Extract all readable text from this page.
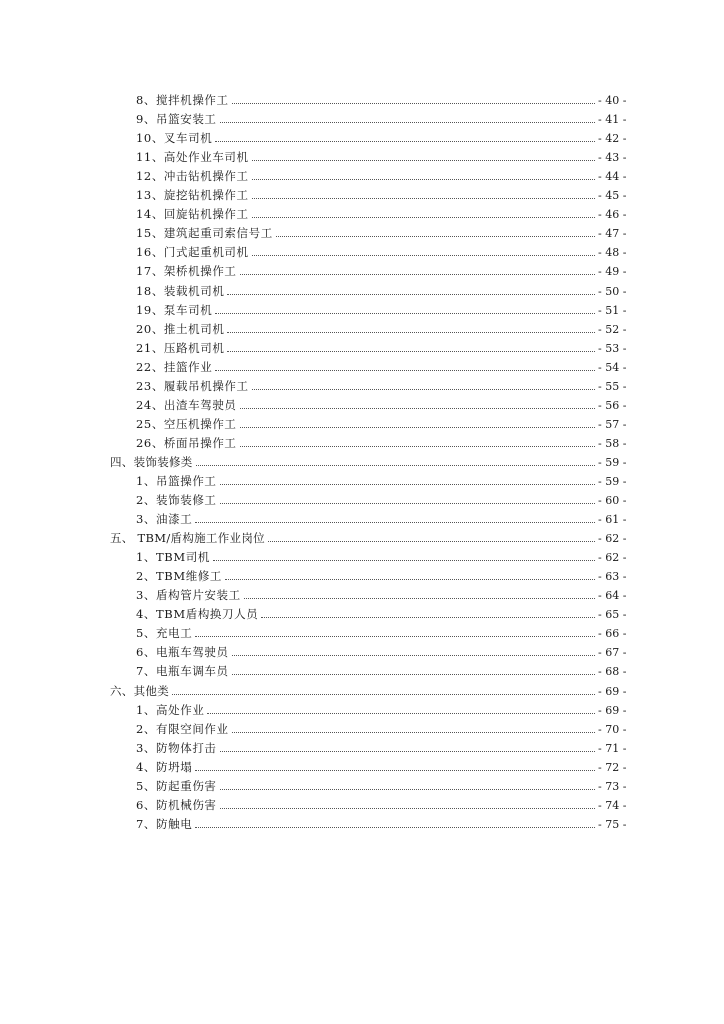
8、搅拌机操作工	- 40 -
9、吊篮安装工	- 41 -
10、叉车司机	- 42 -
11、高处作业车司机	- 43 -
12、冲击钻机操作工	- 44 -
13、旋挖钻机操作工	- 45 -
14、回旋钻机操作工	- 46 -
15、建筑起重司索信号工	- 47 -
16、门式起重机司机	- 48 -
17、架桥机操作工	- 49 -
18、装载机司机	- 50 -
19、泵车司机	- 51 -
20、推土机司机	- 52 -
21、压路机司机	- 53 -
22、挂篮作业	- 54 -
23、履载吊机操作工	- 55 -
24、出渣车驾驶员	- 56 -
25、空压机操作工	- 57 -
26、桥面吊操作工	- 58 -
四、装饰装修类	- 59 -
1、吊篮操作工	- 59 -
2、装饰装修工	- 60 -
3、油漆工	- 61 -
五、 TBM/盾构施工作业岗位	- 62 -
1、TBM司机	- 62 -
2、TBM维修工	- 63 -
3、盾构管片安装工	- 64 -
4、TBM盾构换刀人员	- 65 -
5、充电工	- 66 -
6、电瓶车驾驶员	- 67 -
7、电瓶车调车员	- 68 -
六、其他类	- 69 -
1、高处作业	- 69 -
2、有限空间作业	- 70 -
3、防物体打击	- 71 -
4、防坍塌	- 72 -
5、防起重伤害	- 73 -
6、防机械伤害	- 74 -
7、防触电	- 75 -
